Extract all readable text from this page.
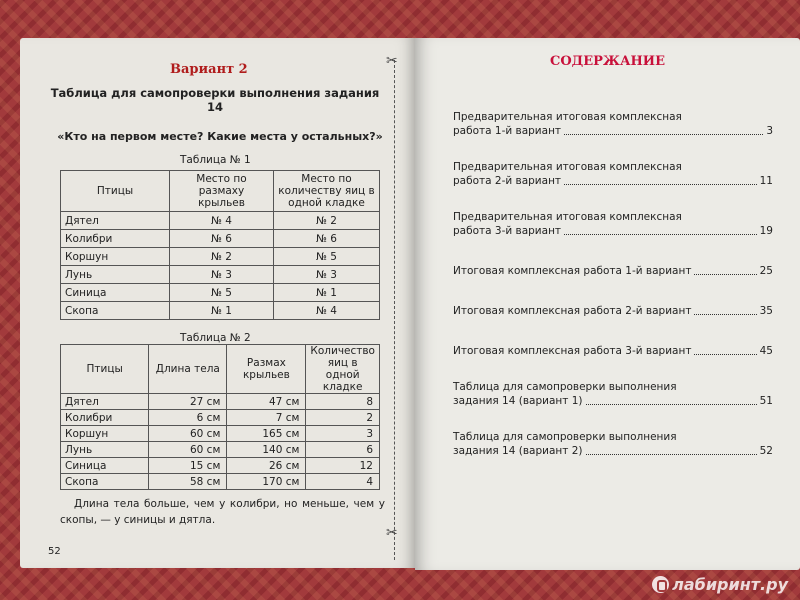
✂
✂
Вариант 2
Таблица для самопроверки выполнения задания 14
«Кто на первом месте? Какие места у остальных?»
Таблица № 1
Птицы	Место по размаху крыльев	Место по количеству яиц в одной кладке
Дятел	№ 4	№ 2
Колибри	№ 6	№ 6
Коршун	№ 2	№ 5
Лунь	№ 3	№ 3
Синица	№ 5	№ 1
Скопа	№ 1	№ 4
Таблица № 2
Птицы	Длина тела	Размах крыльев	Количество яиц в одной кладке
Дятел	27 см	47 см	8
Колибри	6 см	7 см	2
Коршун	60 см	165 см	3
Лунь	60 см	140 см	6
Синица	15 см	26 см	12
Скопа	58 см	170 см	4
Длина тела больше, чем у колибри, но меньше, чем у скопы, — у синицы и дятла.
52
СОДЕРЖАНИЕ
Предварительная итоговая комплексная
работа 1-й вариант	3
Предварительная итоговая комплексная
работа 2-й вариант	11
Предварительная итоговая комплексная
работа 3-й вариант	19
Итоговая комплексная работа 1-й вариант	25
Итоговая комплексная работа 2-й вариант	35
Итоговая комплексная работа 3-й вариант	45
Таблица для самопроверки выполнения
задания 14 (вариант 1)	51
Таблица для самопроверки выполнения
задания 14 (вариант 2)	52
лабиринт.ру
